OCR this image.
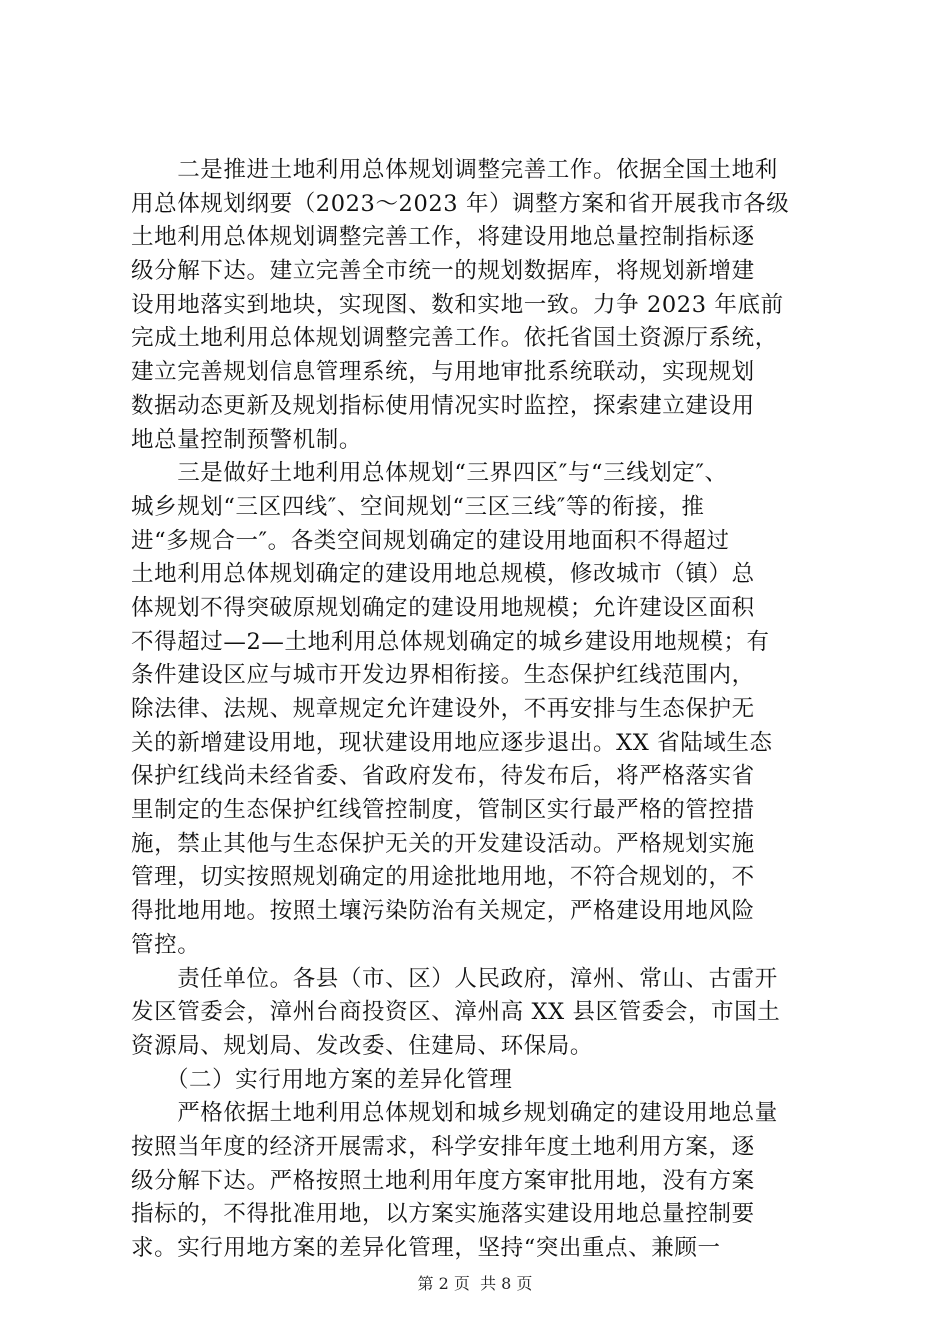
　　二是推进土地利用总体规划调整完善工作。依据全国土地利
用总体规划纲要（2023～2023 年）调整方案和省开展我市各级
土地利用总体规划调整完善工作，将建设用地总量控制指标逐
级分解下达。建立完善全市统一的规划数据库，将规划新增建
设用地落实到地块，实现图、数和实地一致。力争 2023 年底前
完成土地利用总体规划调整完善工作。依托省国土资源厅系统，
建立完善规划信息管理系统，与用地审批系统联动，实现规划
数据动态更新及规划指标使用情况实时监控，探索建立建设用
地总量控制预警机制。
　　三是做好土地利用总体规划“三界四区″与“三线划定″、
城乡规划“三区四线″、空间规划“三区三线″等的衔接，推
进“多规合一″。各类空间规划确定的建设用地面积不得超过
土地利用总体规划确定的建设用地总规模，修改城市（镇）总
体规划不得突破原规划确定的建设用地规模；允许建设区面积
不得超过—2—土地利用总体规划确定的城乡建设用地规模；有
条件建设区应与城市开发边界相衔接。生态保护红线范围内，
除法律、法规、规章规定允许建设外，不再安排与生态保护无
关的新增建设用地，现状建设用地应逐步退出。XX 省陆域生态
保护红线尚未经省委、省政府发布，待发布后，将严格落实省
里制定的生态保护红线管控制度，管制区实行最严格的管控措
施，禁止其他与生态保护无关的开发建设活动。严格规划实施
管理，切实按照规划确定的用途批地用地，不符合规划的，不
得批地用地。按照土壤污染防治有关规定，严格建设用地风险
管控。
　　责任单位。各县（市、区）人民政府，漳州、常山、古雷开
发区管委会，漳州台商投资区、漳州高 XX 县区管委会，市国土
资源局、规划局、发改委、住建局、环保局。
　　（二）实行用地方案的差异化管理
　　严格依据土地利用总体规划和城乡规划确定的建设用地总量
按照当年度的经济开展需求，科学安排年度土地利用方案，逐
级分解下达。严格按照土地利用年度方案审批用地，没有方案
指标的，不得批准用地，以方案实施落实建设用地总量控制要
求。实行用地方案的差异化管理，坚持“突出重点、兼顾一
第 2 页  共 8 页
